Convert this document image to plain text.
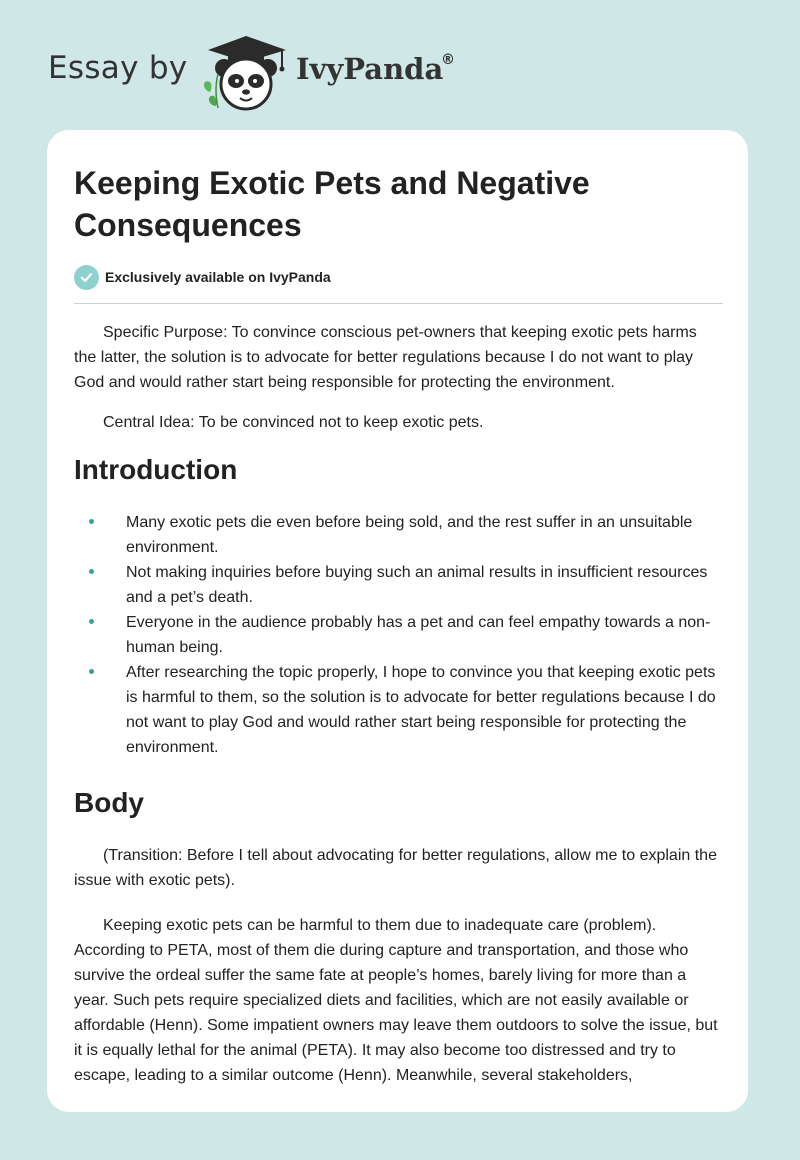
Essay by	IvyPanda
®
Keeping Exotic Pets and Negative Consequences
Exclusively available on IvyPanda

Specific Purpose: To convince conscious pet-owners that keeping exotic pets harms the latter, the solution is to advocate for better regulations because I do not want to play God and would rather start being responsible for protecting the environment.

Central Idea: To be convinced not to keep exotic pets.

Introduction
Many exotic pets die even before being sold, and the rest suffer in an unsuitable environment.
Not making inquiries before buying such an animal results in insufficient resources and a pet’s death.
Everyone in the audience probably has a pet and can feel empathy towards a non-human being.
After researching the topic properly, I hope to convince you that keeping exotic pets is harmful to them, so the solution is to advocate for better regulations because I do not want to play God and would rather start being responsible for protecting the environment.
Body

(Transition: Before I tell about advocating for better regulations, allow me to explain the issue with exotic pets).

Keeping exotic pets can be harmful to them due to inadequate care (problem). According to PETA, most of them die during capture and transportation, and those who survive the ordeal suffer the same fate at people’s homes, barely living for more than a year. Such pets require specialized diets and facilities, which are not easily available or affordable (Henn). Some impatient owners may leave them outdoors to solve the issue, but it is equally lethal for the animal (PETA). It may also become too distressed and try to escape, leading to a similar outcome (Henn). Meanwhile, several stakeholders,
